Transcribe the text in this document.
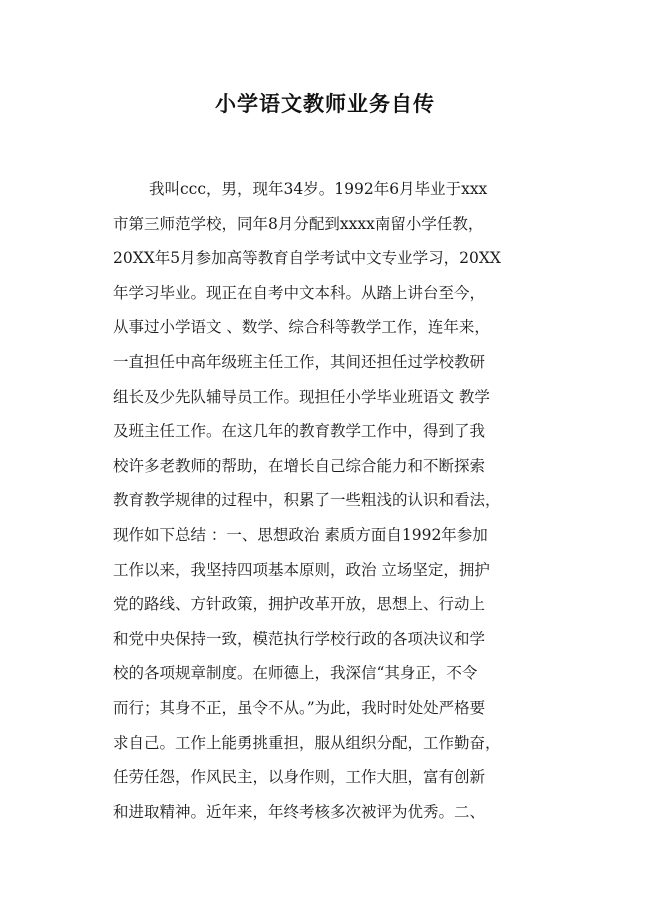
小学语文教师业务自传
我叫ccc，男，现年34岁。1992年6月毕业于xxx
市第三师范学校，同年8月分配到xxxx南留小学任教，
20XX年5月参加高等教育自学考试中文专业学习，20XX
年学习毕业。现正在自考中文本科。从踏上讲台至今，
从事过小学语文 、数学、综合科等教学工作，连年来，
一直担任中高年级班主任工作，其间还担任过学校教研
组长及少先队辅导员工作。现担任小学毕业班语文 教学
及班主任工作。在这几年的教育教学工作中，得到了我
校许多老教师的帮助，在增长自己综合能力和不断探索
教育教学规律的过程中，积累了一些粗浅的认识和看法，
现作如下总结 ：一、思想政治 素质方面自1992年参加
工作以来，我坚持四项基本原则，政治 立场坚定，拥护
党的路线、方针政策，拥护改革开放，思想上、行动上
和党中央保持一致，模范执行学校行政的各项决议和学
校的各项规章制度。在师德上，我深信“其身正，不令
而行；其身不正，虽令不从。”为此，我时时处处严格要
求自己。工作上能勇挑重担，服从组织分配，工作勤奋，
任劳任怨，作风民主，以身作则，工作大胆，富有创新
和进取精神。近年来，年终考核多次被评为优秀。二、
